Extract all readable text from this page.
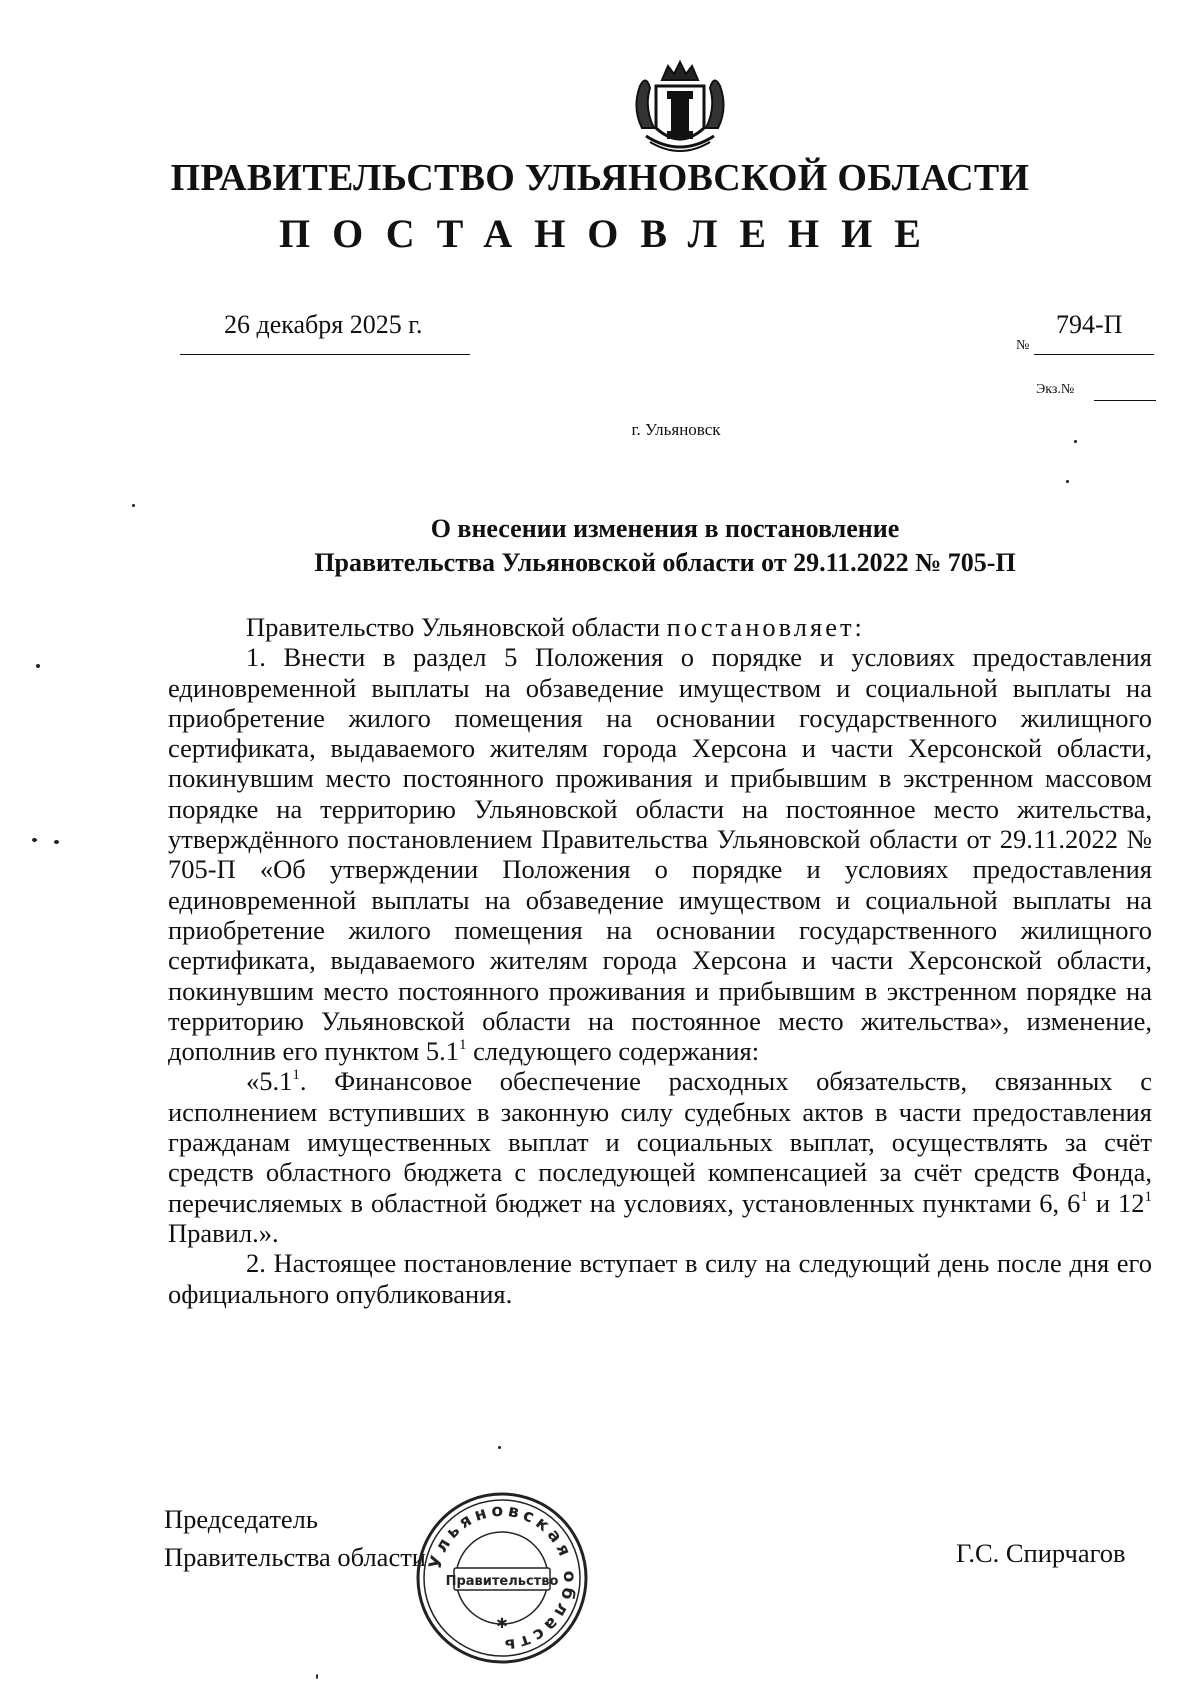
ПРАВИТЕЛЬСТВО УЛЬЯНОВСКОЙ ОБЛАСТИ
ПОСТАНОВЛЕНИЕ
26 декабря 2025 г.
№
794-П
Экз.№
г. Ульяновск
О внесении изменения в постановление
Правительства Ульяновской области от 29.11.2022 № 705-П

Правительство Ульяновской области постановляет:

1. Внести в раздел 5 Положения о порядке и условиях предоставления единовременной выплаты на обзаведение имуществом и социальной выплаты на приобретение жилого помещения на основании государственного жилищного сертификата, выдаваемого жителям города Херсона и части Херсонской области, покинувшим место постоянного проживания и прибывшим в экстренном массовом порядке на территорию Ульяновской области на постоянное место жительства, утверждённого постановлением Правительства Ульяновской области от 29.11.2022 № 705-П «Об утверждении Положения о порядке и условиях предоставления единовременной выплаты на обзаведение имуществом и социальной выплаты на приобретение жилого помещения на основании государственного жилищного сертификата, выдаваемого жителям города Херсона и части Херсонской области, покинувшим место постоянного проживания и прибывшим в экстренном порядке на территорию Ульяновской области на постоянное место жительства», изменение, дополнив его пунктом $5.1^1$ следующего содержания:

«$5.1^1$. Финансовое обеспечение расходных обязательств, связанных с исполнением вступивших в законную силу судебных актов в части предоставления гражданам имущественных выплат и социальных выплат, осуществлять за счёт средств областного бюджета с последующей компенсацией за счёт средств Фонда, перечисляемых в областной бюджет на условиях, установленных пунктами 6, $6^1$ и $12^1$ Правил.».

2. Настоящее постановление вступает в силу на следующий день после дня его официального опубликования.

Председатель
Правительства области	Г.С. Спирчагов
Ульяновская область
Правительство
✱
